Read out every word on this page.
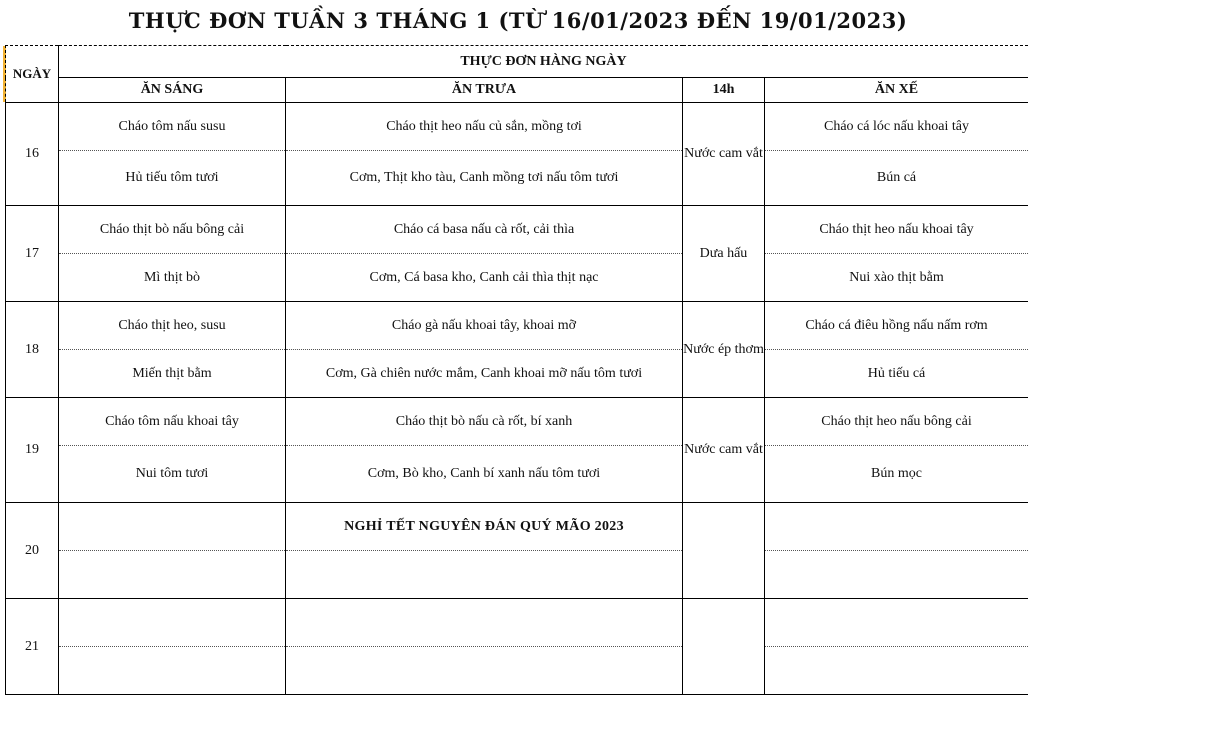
THỰC ĐƠN TUẦN 3 THÁNG 1 (TỪ 16/01/2023 ĐẾN 19/01/2023)
NGÀY	THỰC ĐƠN HÀNG NGÀY			
	ĂN SÁNG	ĂN TRƯA	14h	ĂN XẾ
16	Cháo tôm nấu susu	Cháo thịt heo nấu củ sắn, mồng tơi	Nước cam vắt	Cháo cá lóc nấu khoai tây
	Hủ tiếu tôm tươi	Cơm, Thịt kho tàu, Canh mồng tơi nấu tôm tươi		Bún cá
17	Cháo thịt bò nấu bông cải	Cháo cá basa nấu cà rốt, cải thìa	Dưa hấu	Cháo thịt heo nấu khoai tây
	Mì thịt bò	Cơm, Cá basa kho, Canh cải thìa thịt nạc		Nui xào thịt bằm
18	Cháo thịt heo, susu	Cháo gà nấu khoai tây, khoai mỡ	Nước ép thơm	Cháo cá điêu hồng nấu nấm rơm
	Miến thịt bằm	Cơm, Gà chiên nước mắm, Canh khoai mỡ nấu tôm tươi		Hủ tiếu cá
19	Cháo tôm nấu khoai tây	Cháo thịt bò nấu cà rốt, bí xanh	Nước cam vắt	Cháo thịt heo nấu bông cải
	Nui tôm tươi	Cơm, Bò kho, Canh bí xanh nấu tôm tươi		Bún mọc
20		NGHỈ TẾT NGUYÊN ĐÁN QUÝ MÃO 2023		

21				
